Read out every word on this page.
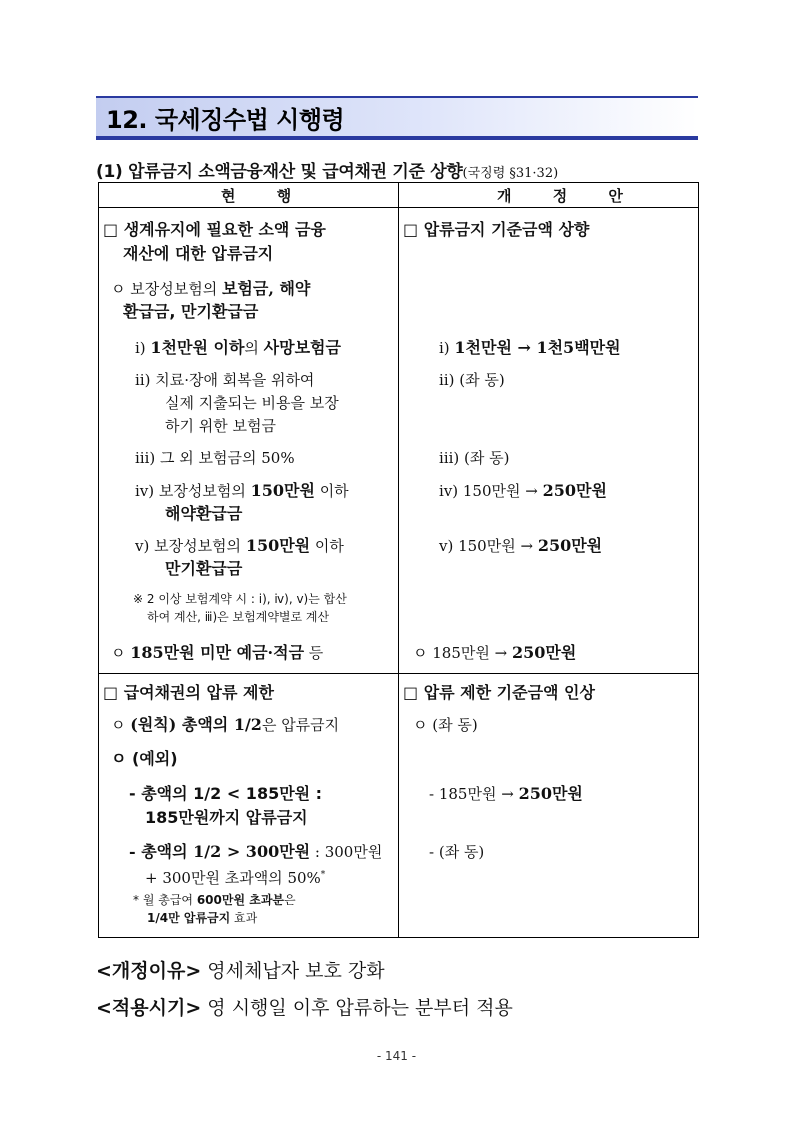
12. 국세징수법 시행령
(1) 압류금지 소액금융재산 및 급여채권 기준 상향(국징령 §31·32)
현 행	개 정 안
□ 생계유지에 필요한 소액 금융
재산에 대한 압류금지
ㅇ 보장성보험의 보험금, 해약
환급금, 만기환급금
ⅰ) 1천만원 이하의 사망보험금
ⅱ) 치료·장애 회복을 위하여
실제 지출되는 비용을 보장
하기 위한 보험금
ⅲ) 그 외 보험금의 50%
ⅳ) 보장성보험의 150만원 이하
해약환급금
ⅴ) 보장성보험의 150만원 이하
만기환급금
※ 2 이상 보험계약 시 : ⅰ), ⅳ), ⅴ)는 합산
하여 계산, ⅲ)은 보험계약별로 계산
ㅇ 185만원 미만 예금·적금 등
□ 급여채권의 압류 제한
ㅇ (원칙) 총액의 1/2은 압류금지
ㅇ (예외)
- 총액의 1/2 < 185만원 :
185만원까지 압류금지
- 총액의 1/2 > 300만원 : 300만원
+ 300만원 초과액의 50%*
* 월 총급여 600만원 초과분은
1/4만 압류금지 효과
□ 압류금지 기준금액 상향
ⅰ) 1천만원 → 1천5백만원
ⅱ) (좌 동)
ⅲ) (좌 동)
ⅳ) 150만원 → 250만원
ⅴ) 150만원 → 250만원
ㅇ 185만원 → 250만원
□ 압류 제한 기준금액 인상
ㅇ (좌 동)
- 185만원 → 250만원
- (좌 동)
<개정이유> 영세체납자 보호 강화
<적용시기> 영 시행일 이후 압류하는 분부터 적용
- 141 -
